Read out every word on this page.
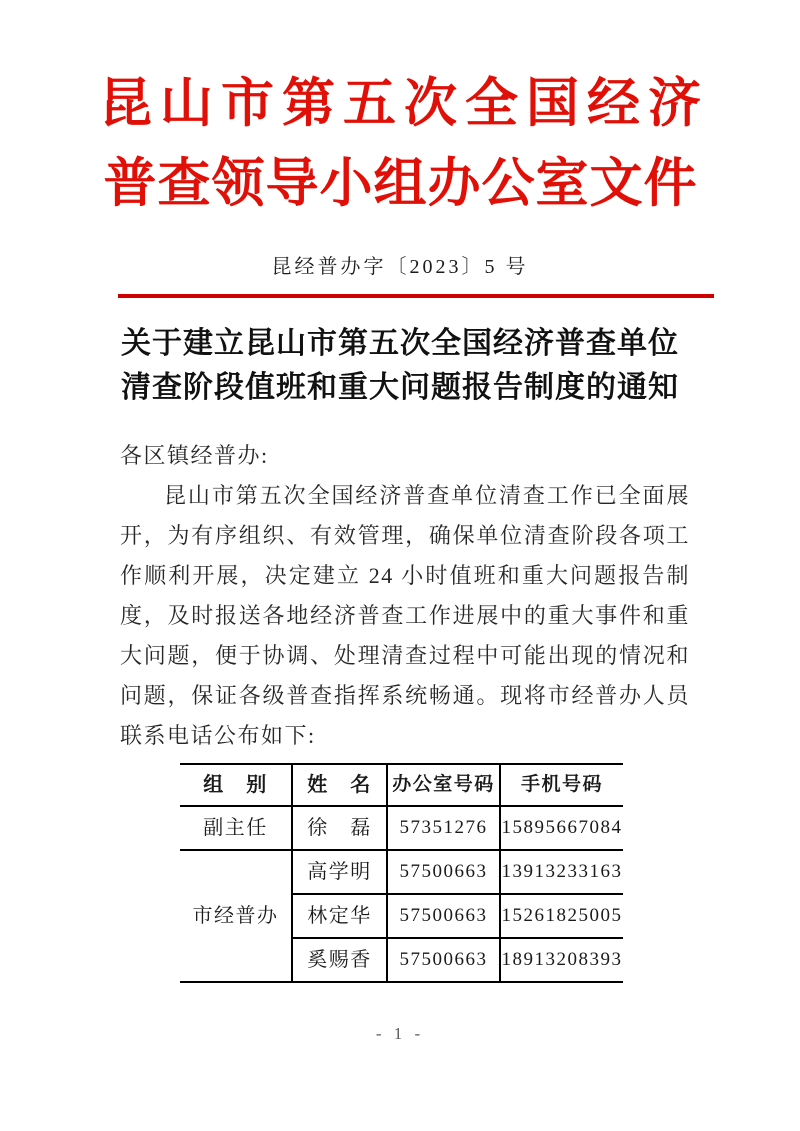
昆山市第五次全国经济
普查领导小组办公室文件
昆经普办字〔2023〕5 号
关于建立昆山市第五次全国经济普查单位
清查阶段值班和重大问题报告制度的通知
各区镇经普办:
昆山市第五次全国经济普查单位清查工作已全面展开，为有序组织、有效管理，确保单位清查阶段各项工作顺利开展，决定建立 24 小时值班和重大问题报告制度，及时报送各地经济普查工作进展中的重大事件和重大问题，便于协调、处理清查过程中可能出现的情况和问题，保证各级普查指挥系统畅通。现将市经普办人员联系电话公布如下:
组　别	姓　名	办公室号码	手机号码
副主任	徐　磊	57351276	15895667084
市经普办	高学明	57500663	13913233163
	林定华	57500663	15261825005
	奚赐香	57500663	18913208393
- 1 -
